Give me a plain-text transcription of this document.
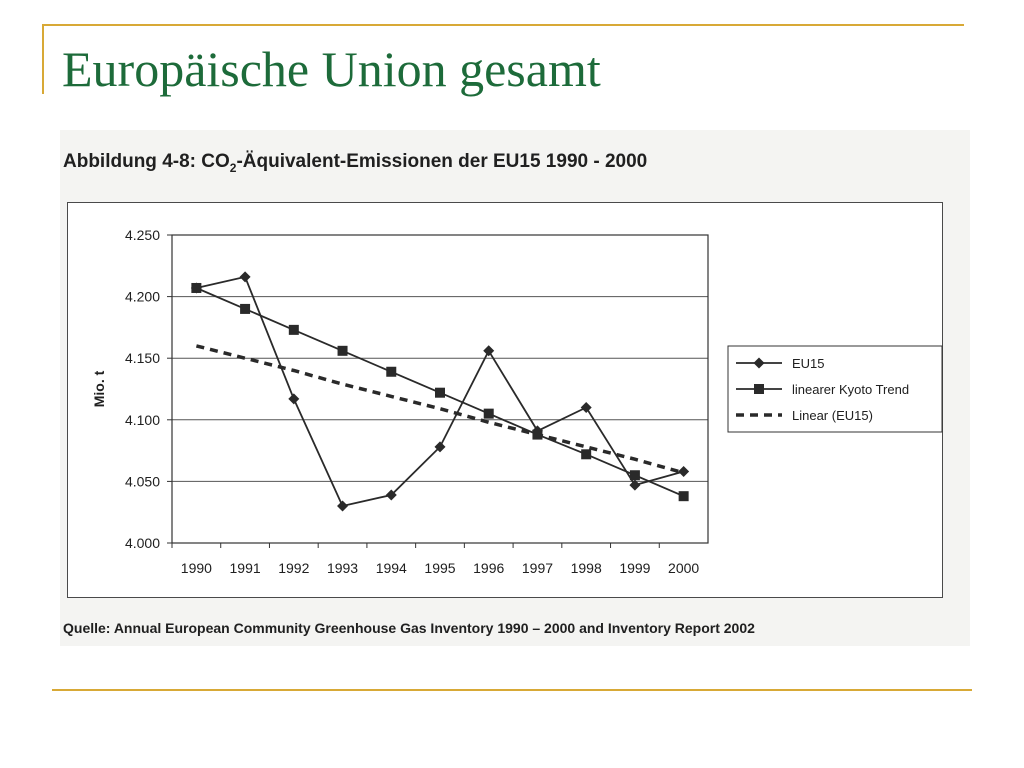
Europäische Union gesamt

Abbildung 4-8: $CO_2-Äquivalent$-Emissionen der EU15 1990 - 2000

4.000
4.050
4.100
4.150
4.200
4.250
1990 1991 1992 1993 1994 1995 1996 1997 1998 1999 2000
Mio. t
EU15
linearer Kyoto Trend
Linear (EU15)

Quelle: Annual European Community Greenhouse Gas Inventory 1990 – 2000 and Inventory Report 2002
